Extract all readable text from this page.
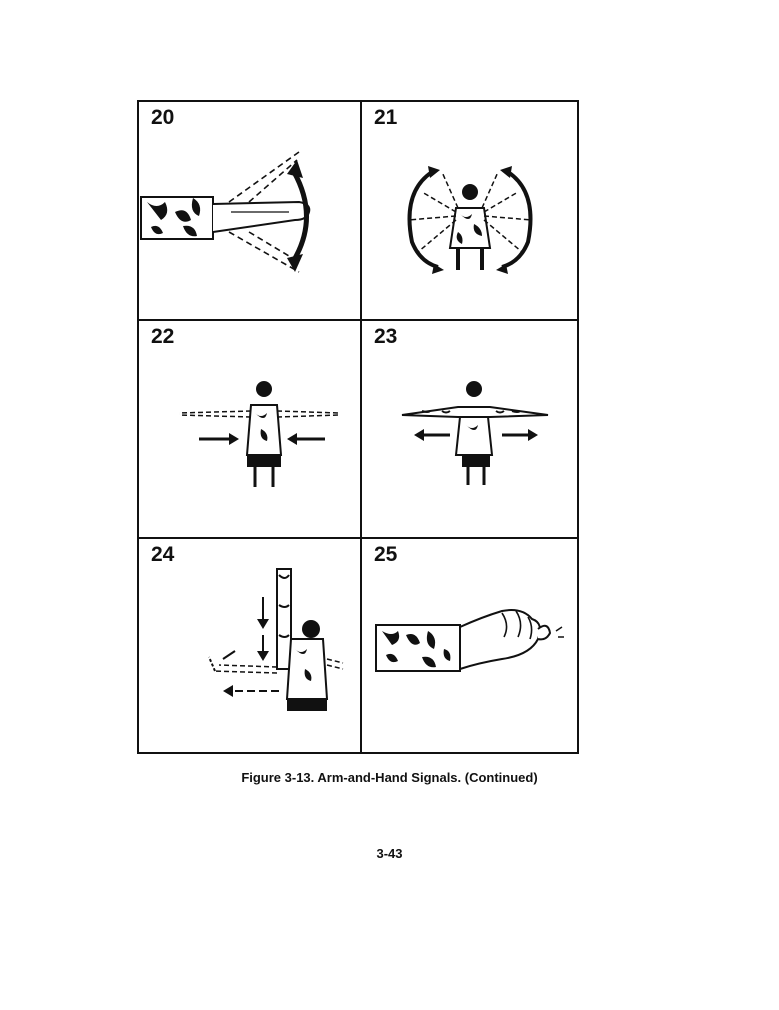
20	21
22	23
24	25
Figure 3-13. Arm-and-Hand Signals. (Continued)
3-43
